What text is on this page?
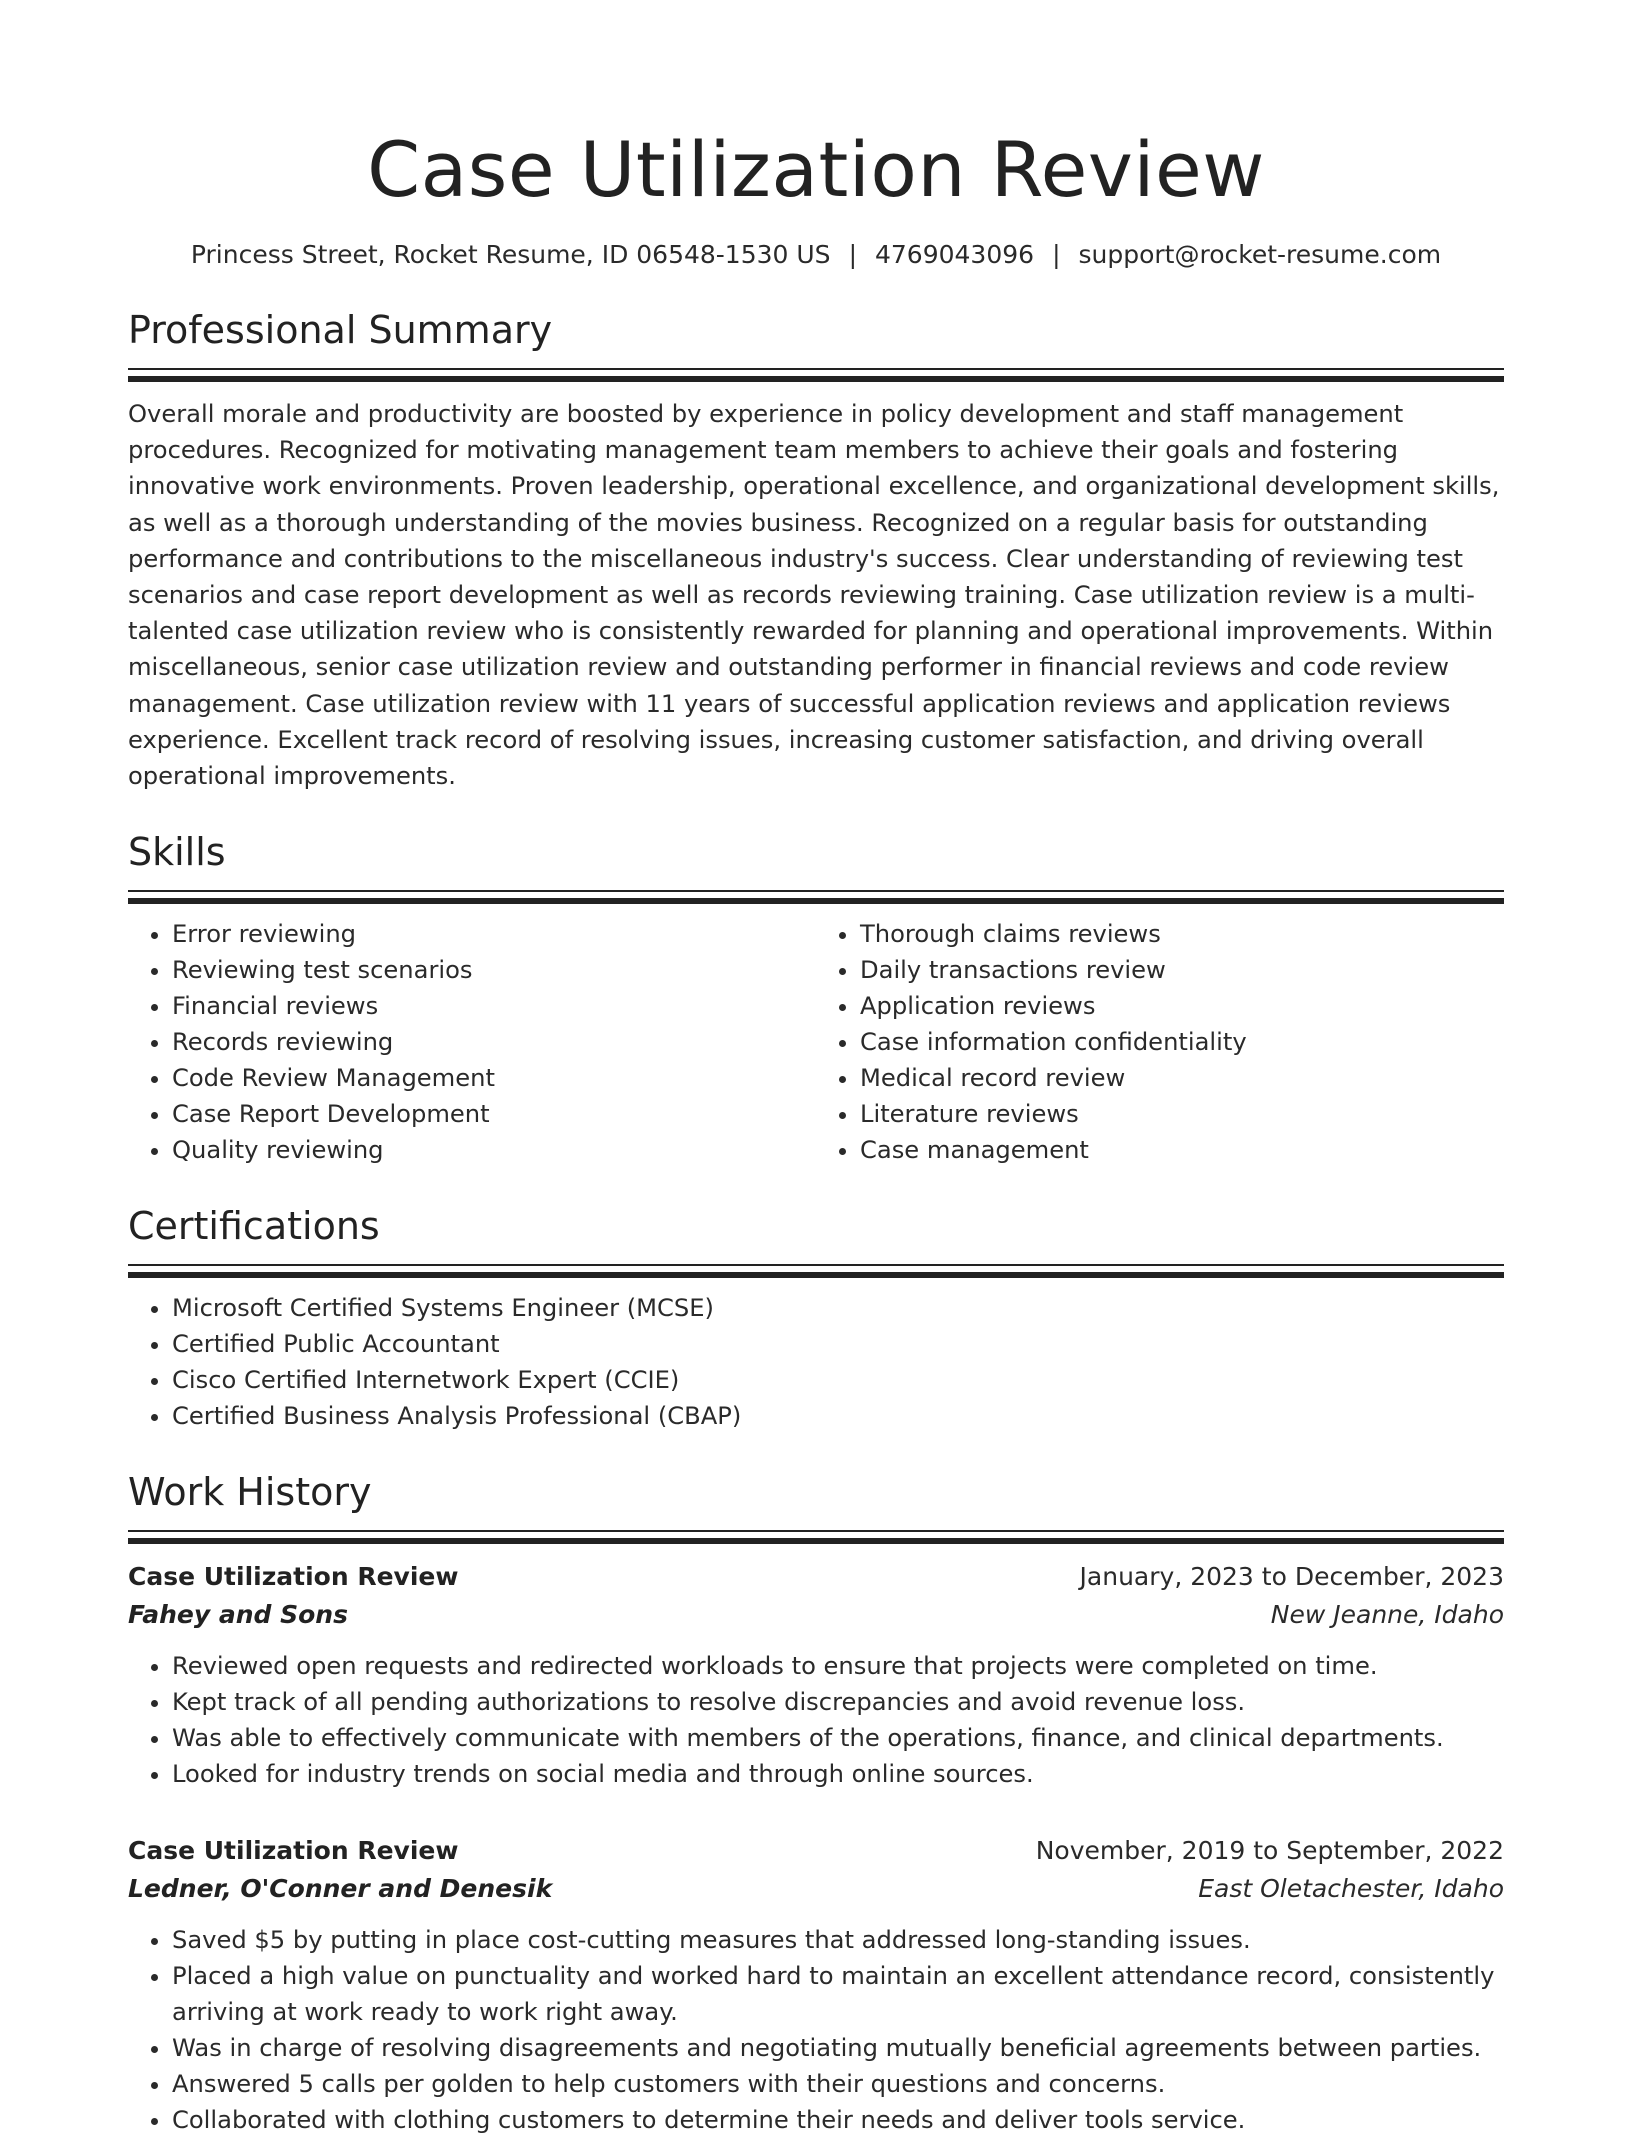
Case Utilization Review
Princess Street, Rocket Resume, ID 06548-1530 US | 4769043096 | support@rocket-resume.com
Professional Summary

Overall morale and productivity are boosted by experience in policy development and staff management procedures. Recognized for motivating management team members to achieve their goals and fostering innovative work environments. Proven leadership, operational excellence, and organizational development skills, as well as a thorough understanding of the movies business. Recognized on a regular basis for outstanding performance and contributions to the miscellaneous industry's success. Clear understanding of reviewing test scenarios and case report development as well as records reviewing training. Case utilization review is a multi-talented case utilization review who is consistently rewarded for planning and operational improvements. Within miscellaneous, senior case utilization review and outstanding performer in financial reviews and code review management. Case utilization review with 11 years of successful application reviews and application reviews experience. Excellent track record of resolving issues, increasing customer satisfaction, and driving overall operational improvements.

Skills
• Error reviewing
• Reviewing test scenarios
• Financial reviews
• Records reviewing
• Code Review Management
• Case Report Development
• Quality reviewing
• Thorough claims reviews
• Daily transactions review
• Application reviews
• Case information confidentiality
• Medical record review
• Literature reviews
• Case management
Certifications
• Microsoft Certified Systems Engineer (MCSE)
• Certified Public Accountant
• Cisco Certified Internetwork Expert (CCIE)
• Certified Business Analysis Professional (CBAP)
Work History
Case Utilization Review	January, 2023 to December, 2023
Fahey and Sons	New Jeanne, Idaho
• Reviewed open requests and redirected workloads to ensure that projects were completed on time.
• Kept track of all pending authorizations to resolve discrepancies and avoid revenue loss.
• Was able to effectively communicate with members of the operations, finance, and clinical departments.
• Looked for industry trends on social media and through online sources.
Case Utilization Review	November, 2019 to September, 2022
Ledner, O'Conner and Denesik	East Oletachester, Idaho
• Saved $5 by putting in place cost-cutting measures that addressed long-standing issues.
• Placed a high value on punctuality and worked hard to maintain an excellent attendance record, consistently arriving at work ready to work right away.
• Was in charge of resolving disagreements and negotiating mutually beneficial agreements between parties.
• Answered 5 calls per golden to help customers with their questions and concerns.
• Collaborated with clothing customers to determine their needs and deliver tools service.
